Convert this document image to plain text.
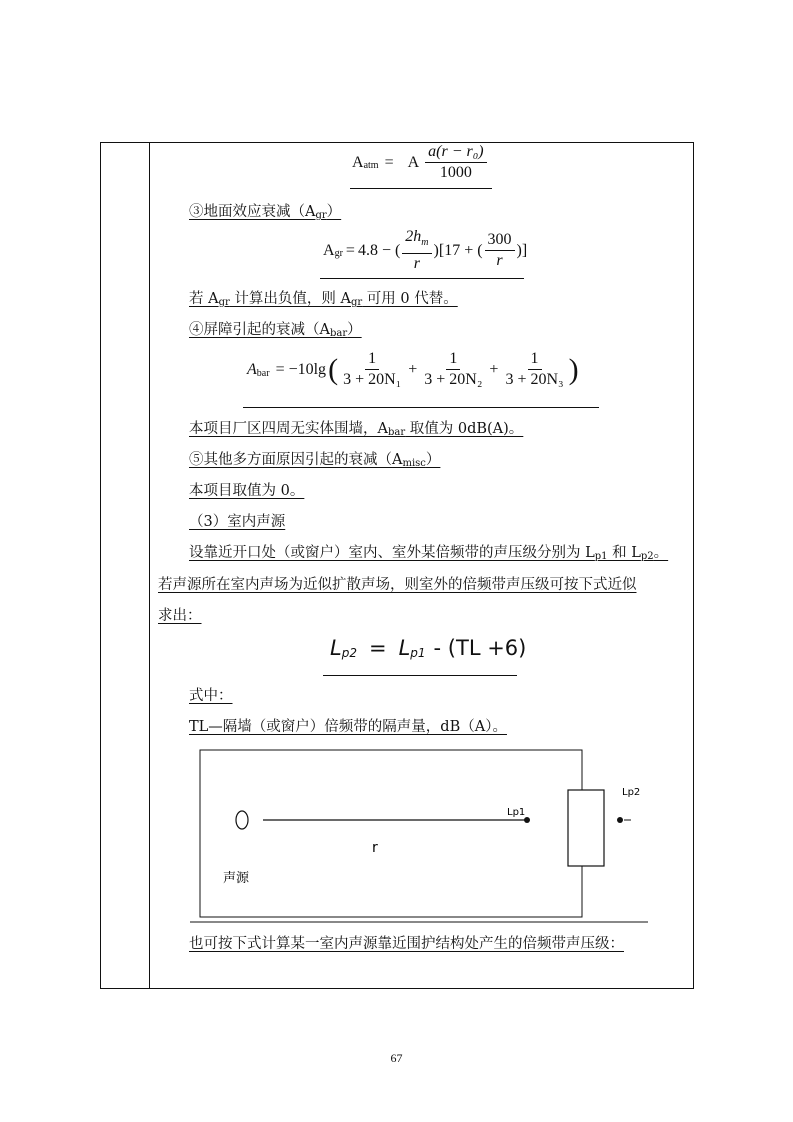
A atm = A $\frac{\text{a(r − r₀)}}{1000}$
③地面效应衰减$(A_{gr})$
A gr = 4.8 − ( $\frac{2h_m}{r} )[17$ + ( $\frac{300}{r}$ )]
若 $A_{gr}$ 计算出负值，则 $A_{gr}$ 可用 0 代替。
④屏障引起的衰减$(A_{bar})$
$A_{bar} = -10\lg$ ( $\frac{1}{\text{3 + 20N₁}} + \frac{1}{\text{3 + 20N₂}} + \frac{1}{\text{3 + 20N₃}}$ )
本项目厂区四周无实体围墙，$A_{bar}$ 取值为 0dB(A)。
⑤其他多方面原因引起的衰减$(A_{misc})$
本项目取值为 0。
（3）室内声源
设靠近开口处（或窗户）室内、室外某倍频带的声压级分别为 $L_{p1}$ 和 $L_{p2}$。
若声源所在室内声场为近似扩散声场，则室外的倍频带声压级可按下式近似
求出：
$L_{p2} = L_{p1} - (TL +6)$
式中：
TL—隔墙（或窗户）倍频带的隔声量，dB（A）。
r
声源
Lp1
Lp2
也可按下式计算某一室内声源靠近围护结构处产生的倍频带声压级：
67
